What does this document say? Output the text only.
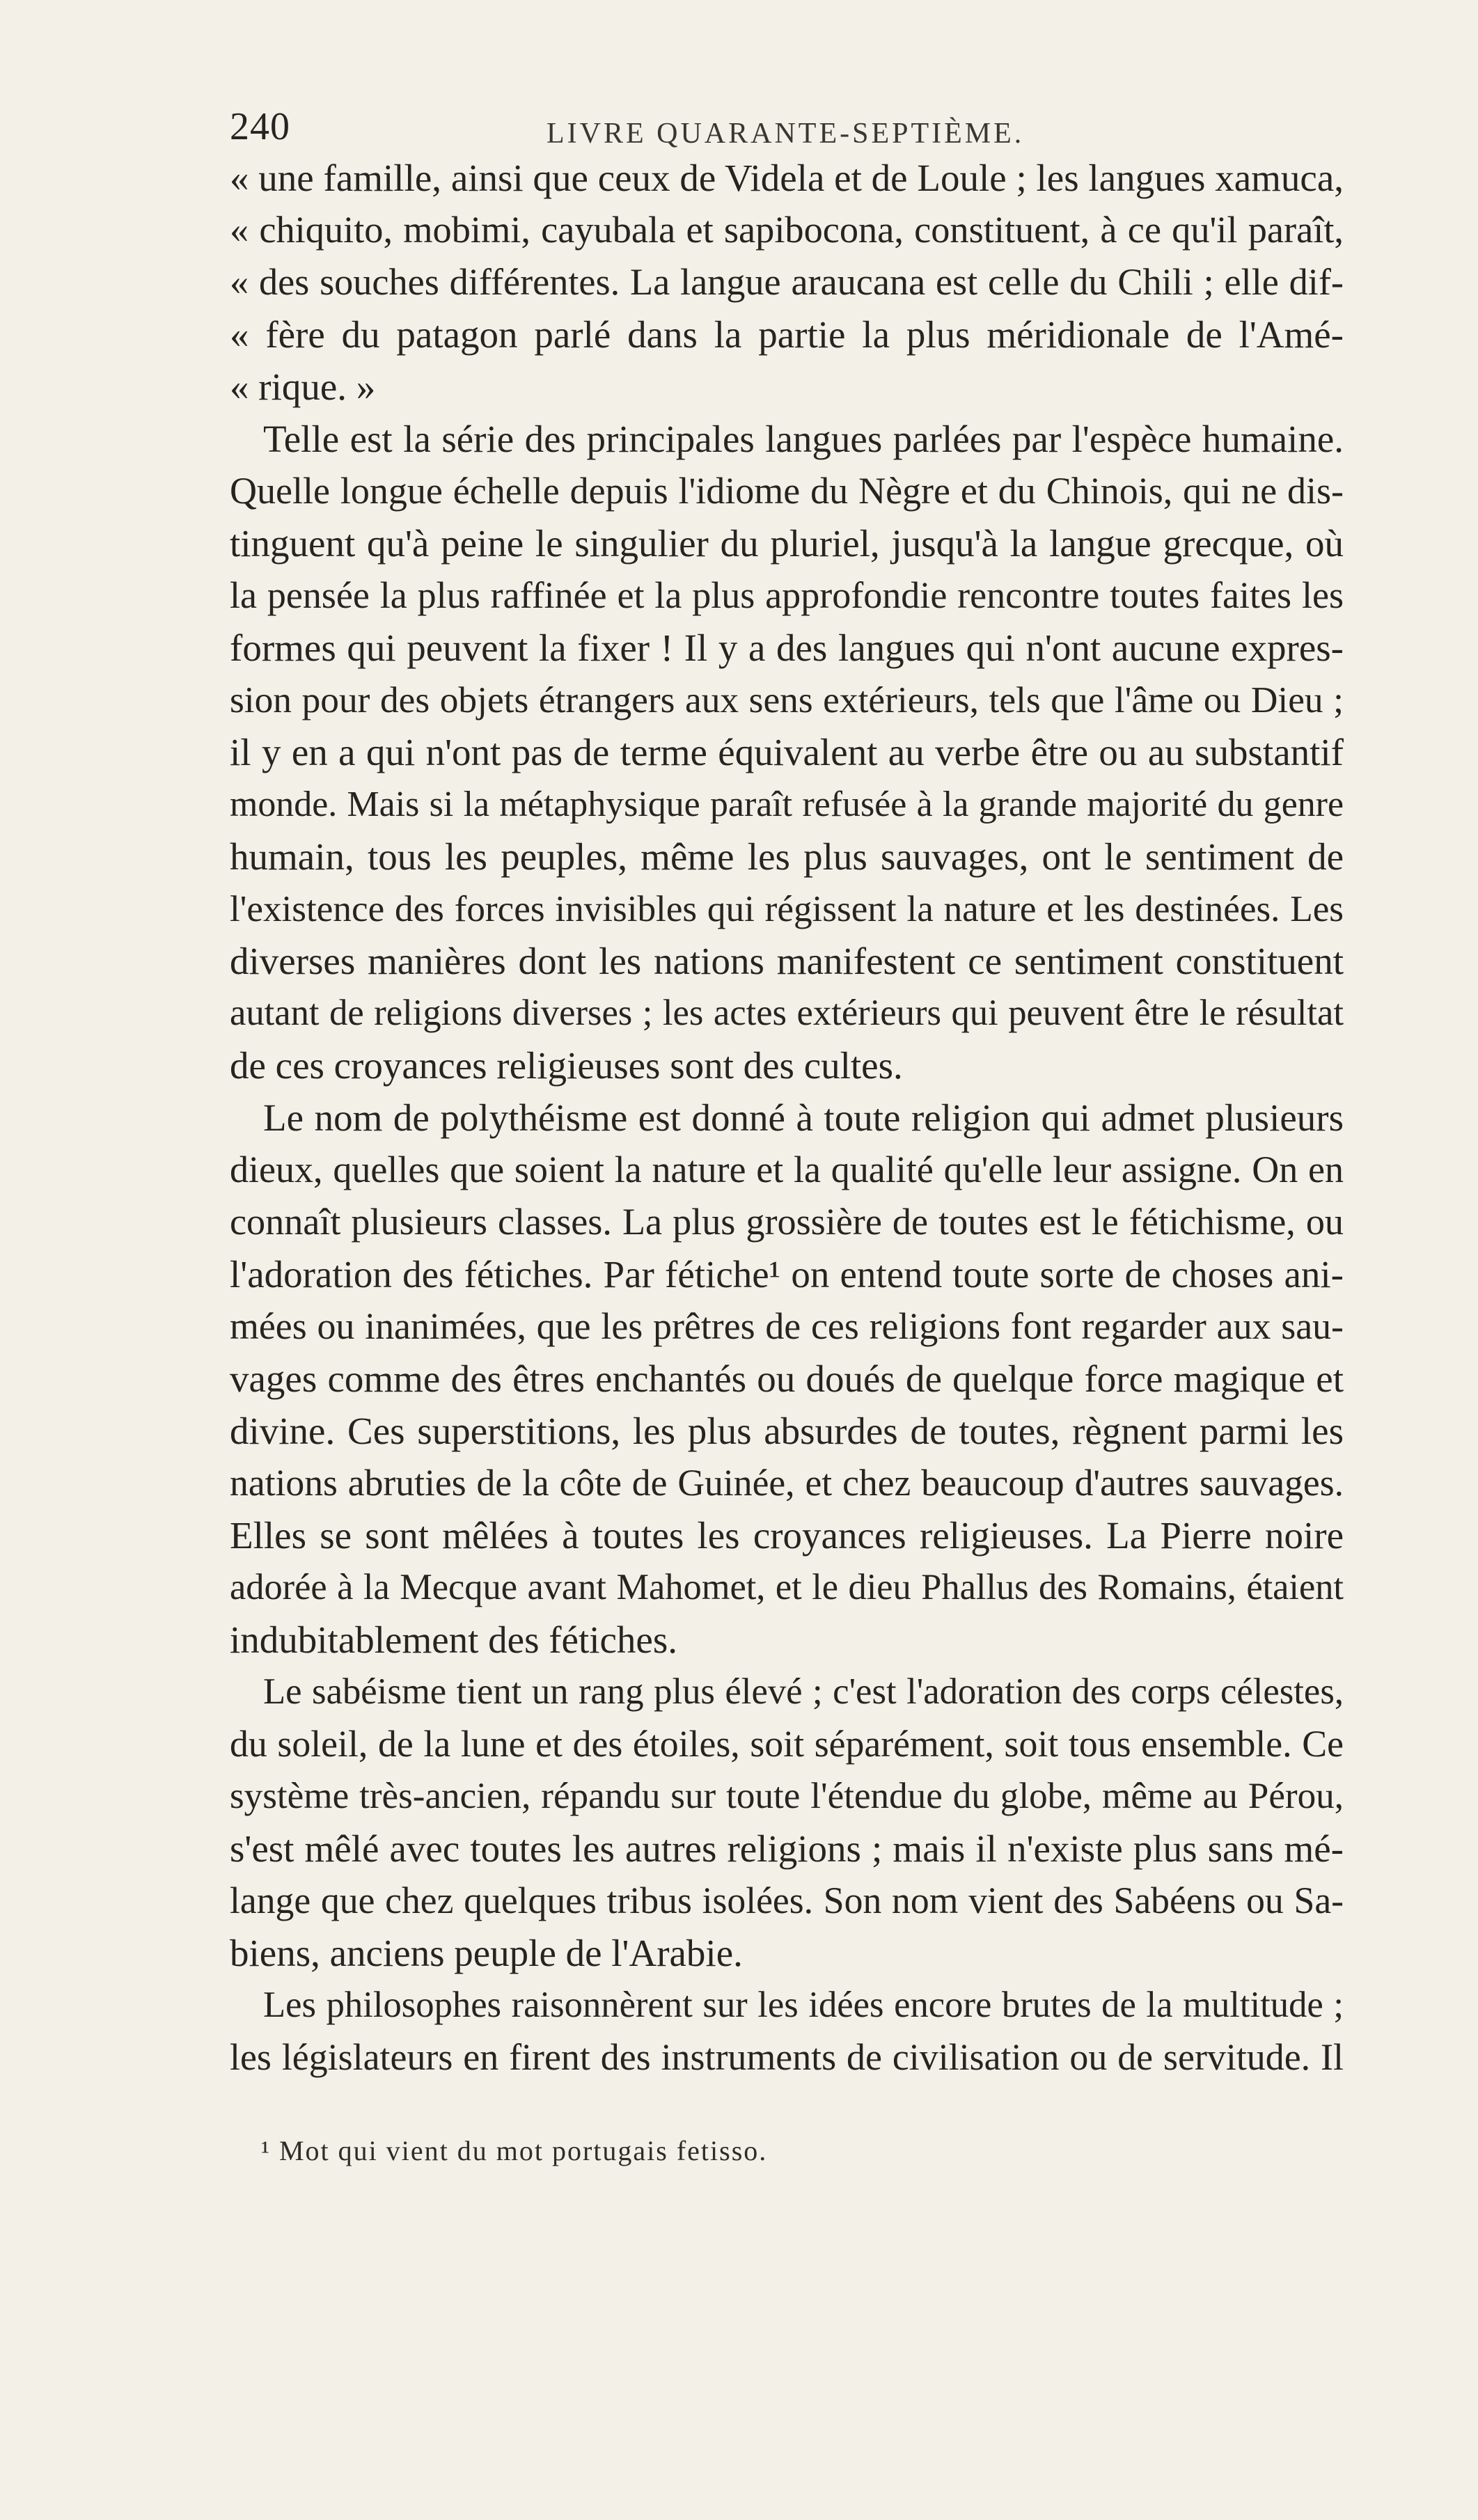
240	LIVRE QUARANTE-SEPTIÈME.
« une famille, ainsi que ceux de Videla et de Loule ; les langues xamuca,
« chiquito, mobimi, cayubala et sapibocona, constituent, à ce qu'il paraît,
« des souches différentes. La langue araucana est celle du Chili ; elle dif-
« fère du patagon parlé dans la partie la plus méridionale de l'Amé-
« rique. »
Telle est la série des principales langues parlées par l'espèce humaine.
Quelle longue échelle depuis l'idiome du Nègre et du Chinois, qui ne dis-
tinguent qu'à peine le singulier du pluriel, jusqu'à la langue grecque, où
la pensée la plus raffinée et la plus approfondie rencontre toutes faites les
formes qui peuvent la fixer ! Il y a des langues qui n'ont aucune expres-
sion pour des objets étrangers aux sens extérieurs, tels que l'âme ou Dieu ;
il y en a qui n'ont pas de terme équivalent au verbe être ou au substantif
monde. Mais si la métaphysique paraît refusée à la grande majorité du genre
humain, tous les peuples, même les plus sauvages, ont le sentiment de
l'existence des forces invisibles qui régissent la nature et les destinées. Les
diverses manières dont les nations manifestent ce sentiment constituent
autant de religions diverses ; les actes extérieurs qui peuvent être le résultat
de ces croyances religieuses sont des cultes.
Le nom de polythéisme est donné à toute religion qui admet plusieurs
dieux, quelles que soient la nature et la qualité qu'elle leur assigne. On en
connaît plusieurs classes. La plus grossière de toutes est le fétichisme, ou
l'adoration des fétiches. Par fétiche¹ on entend toute sorte de choses ani-
mées ou inanimées, que les prêtres de ces religions font regarder aux sau-
vages comme des êtres enchantés ou doués de quelque force magique et
divine. Ces superstitions, les plus absurdes de toutes, règnent parmi les
nations abruties de la côte de Guinée, et chez beaucoup d'autres sauvages.
Elles se sont mêlées à toutes les croyances religieuses. La Pierre noire
adorée à la Mecque avant Mahomet, et le dieu Phallus des Romains, étaient
indubitablement des fétiches.
Le sabéisme tient un rang plus élevé ; c'est l'adoration des corps célestes,
du soleil, de la lune et des étoiles, soit séparément, soit tous ensemble. Ce
système très-ancien, répandu sur toute l'étendue du globe, même au Pérou,
s'est mêlé avec toutes les autres religions ; mais il n'existe plus sans mé-
lange que chez quelques tribus isolées. Son nom vient des Sabéens ou Sa-
biens, anciens peuple de l'Arabie.
Les philosophes raisonnèrent sur les idées encore brutes de la multitude ;
les législateurs en firent des instruments de civilisation ou de servitude. Il
¹ Mot qui vient du mot portugais fetisso.
